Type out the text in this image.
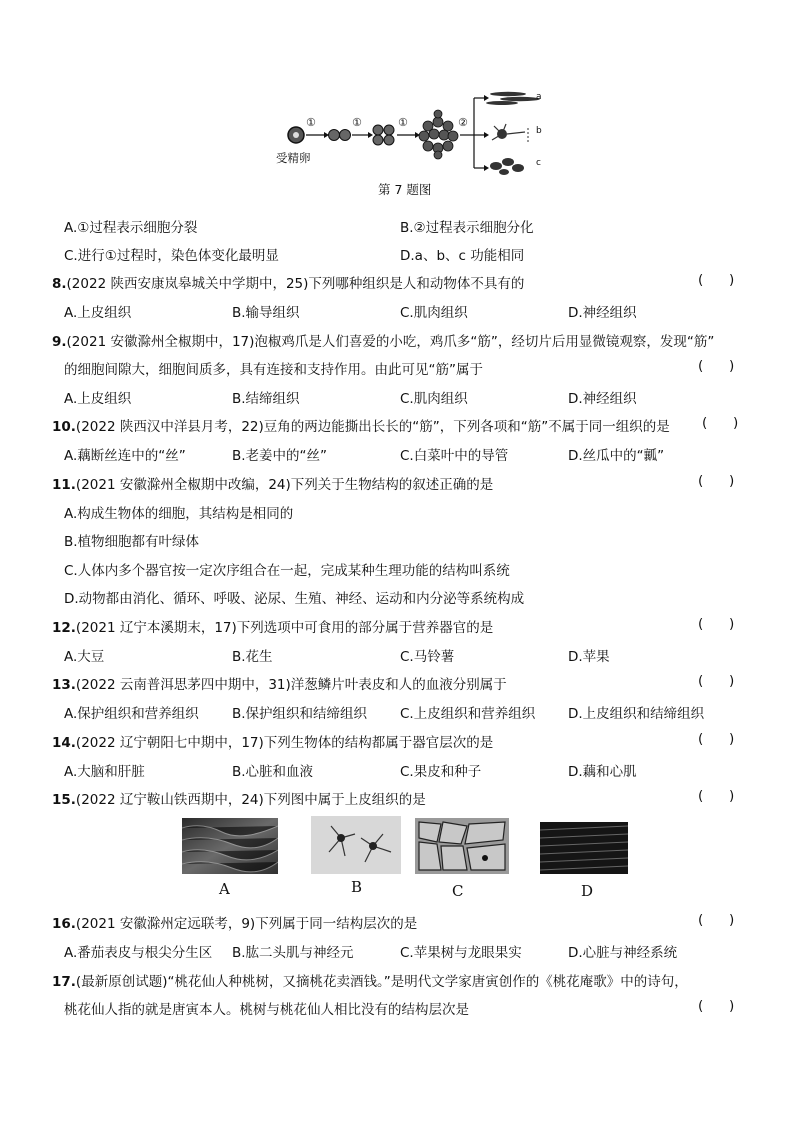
受精卵
①	①	①	②
a
b
c
第 7 题图
A.①过程表示细胞分裂	B.②过程表示细胞分化
C.进行①过程时，染色体变化最明显	D.a、b、c 功能相同
8.(2022 陕西安康岚皋城关中学期中，25)下列哪种组织是人和动物体不具有的	(      )
A.上皮组织	B.输导组织	C.肌肉组织	D.神经组织
9.(2021 安徽滁州全椒期中，17)泡椒鸡爪是人们喜爱的小吃，鸡爪多“筋”，经切片后用显微镜观察，发现“筋”
的细胞间隙大，细胞间质多，具有连接和支持作用。由此可见“筋”属于	(      )
A.上皮组织	B.结缔组织	C.肌肉组织	D.神经组织
10.(2022 陕西汉中洋县月考，22)豆角的两边能撕出长长的“筋”，下列各项和“筋”不属于同一组织的是 (      )
A.藕断丝连中的“丝”	B.老姜中的“丝”	C.白菜叶中的导管	D.丝瓜中的“瓤”
11.(2021 安徽滁州全椒期中改编，24)下列关于生物结构的叙述正确的是	(      )
A.构成生物体的细胞，其结构是相同的
B.植物细胞都有叶绿体
C.人体内多个器官按一定次序组合在一起，完成某种生理功能的结构叫系统
D.动物都由消化、循环、呼吸、泌尿、生殖、神经、运动和内分泌等系统构成
12.(2021 辽宁本溪期末，17)下列选项中可食用的部分属于营养器官的是	(      )
A.大豆	B.花生	C.马铃薯	D.苹果
13.(2022 云南普洱思茅四中期中，31)洋葱鳞片叶表皮和人的血液分别属于	(      )
A.保护组织和营养组织 B.保护组织和结缔组织 C.上皮组织和营养组织 D.上皮组织和结缔组织
14.(2022 辽宁朝阳七中期中，17)下列生物体的结构都属于器官层次的是	(      )
A.大脑和肝脏	B.心脏和血液	C.果皮和种子	D.藕和心肌
15.(2022 辽宁鞍山铁西期中，24)下列图中属于上皮组织的是	(      )
A	B	C	D
16.(2021 安徽滁州定远联考，9)下列属于同一结构层次的是	(      )
A.番茄表皮与根尖分生区 B.肱二头肌与神经元	C.苹果树与龙眼果实	D.心脏与神经系统
17.(最新原创试题)“桃花仙人种桃树，又摘桃花卖酒钱。”是明代文学家唐寅创作的《桃花庵歌》中的诗句，
桃花仙人指的就是唐寅本人。桃树与桃花仙人相比没有的结构层次是	(      )
